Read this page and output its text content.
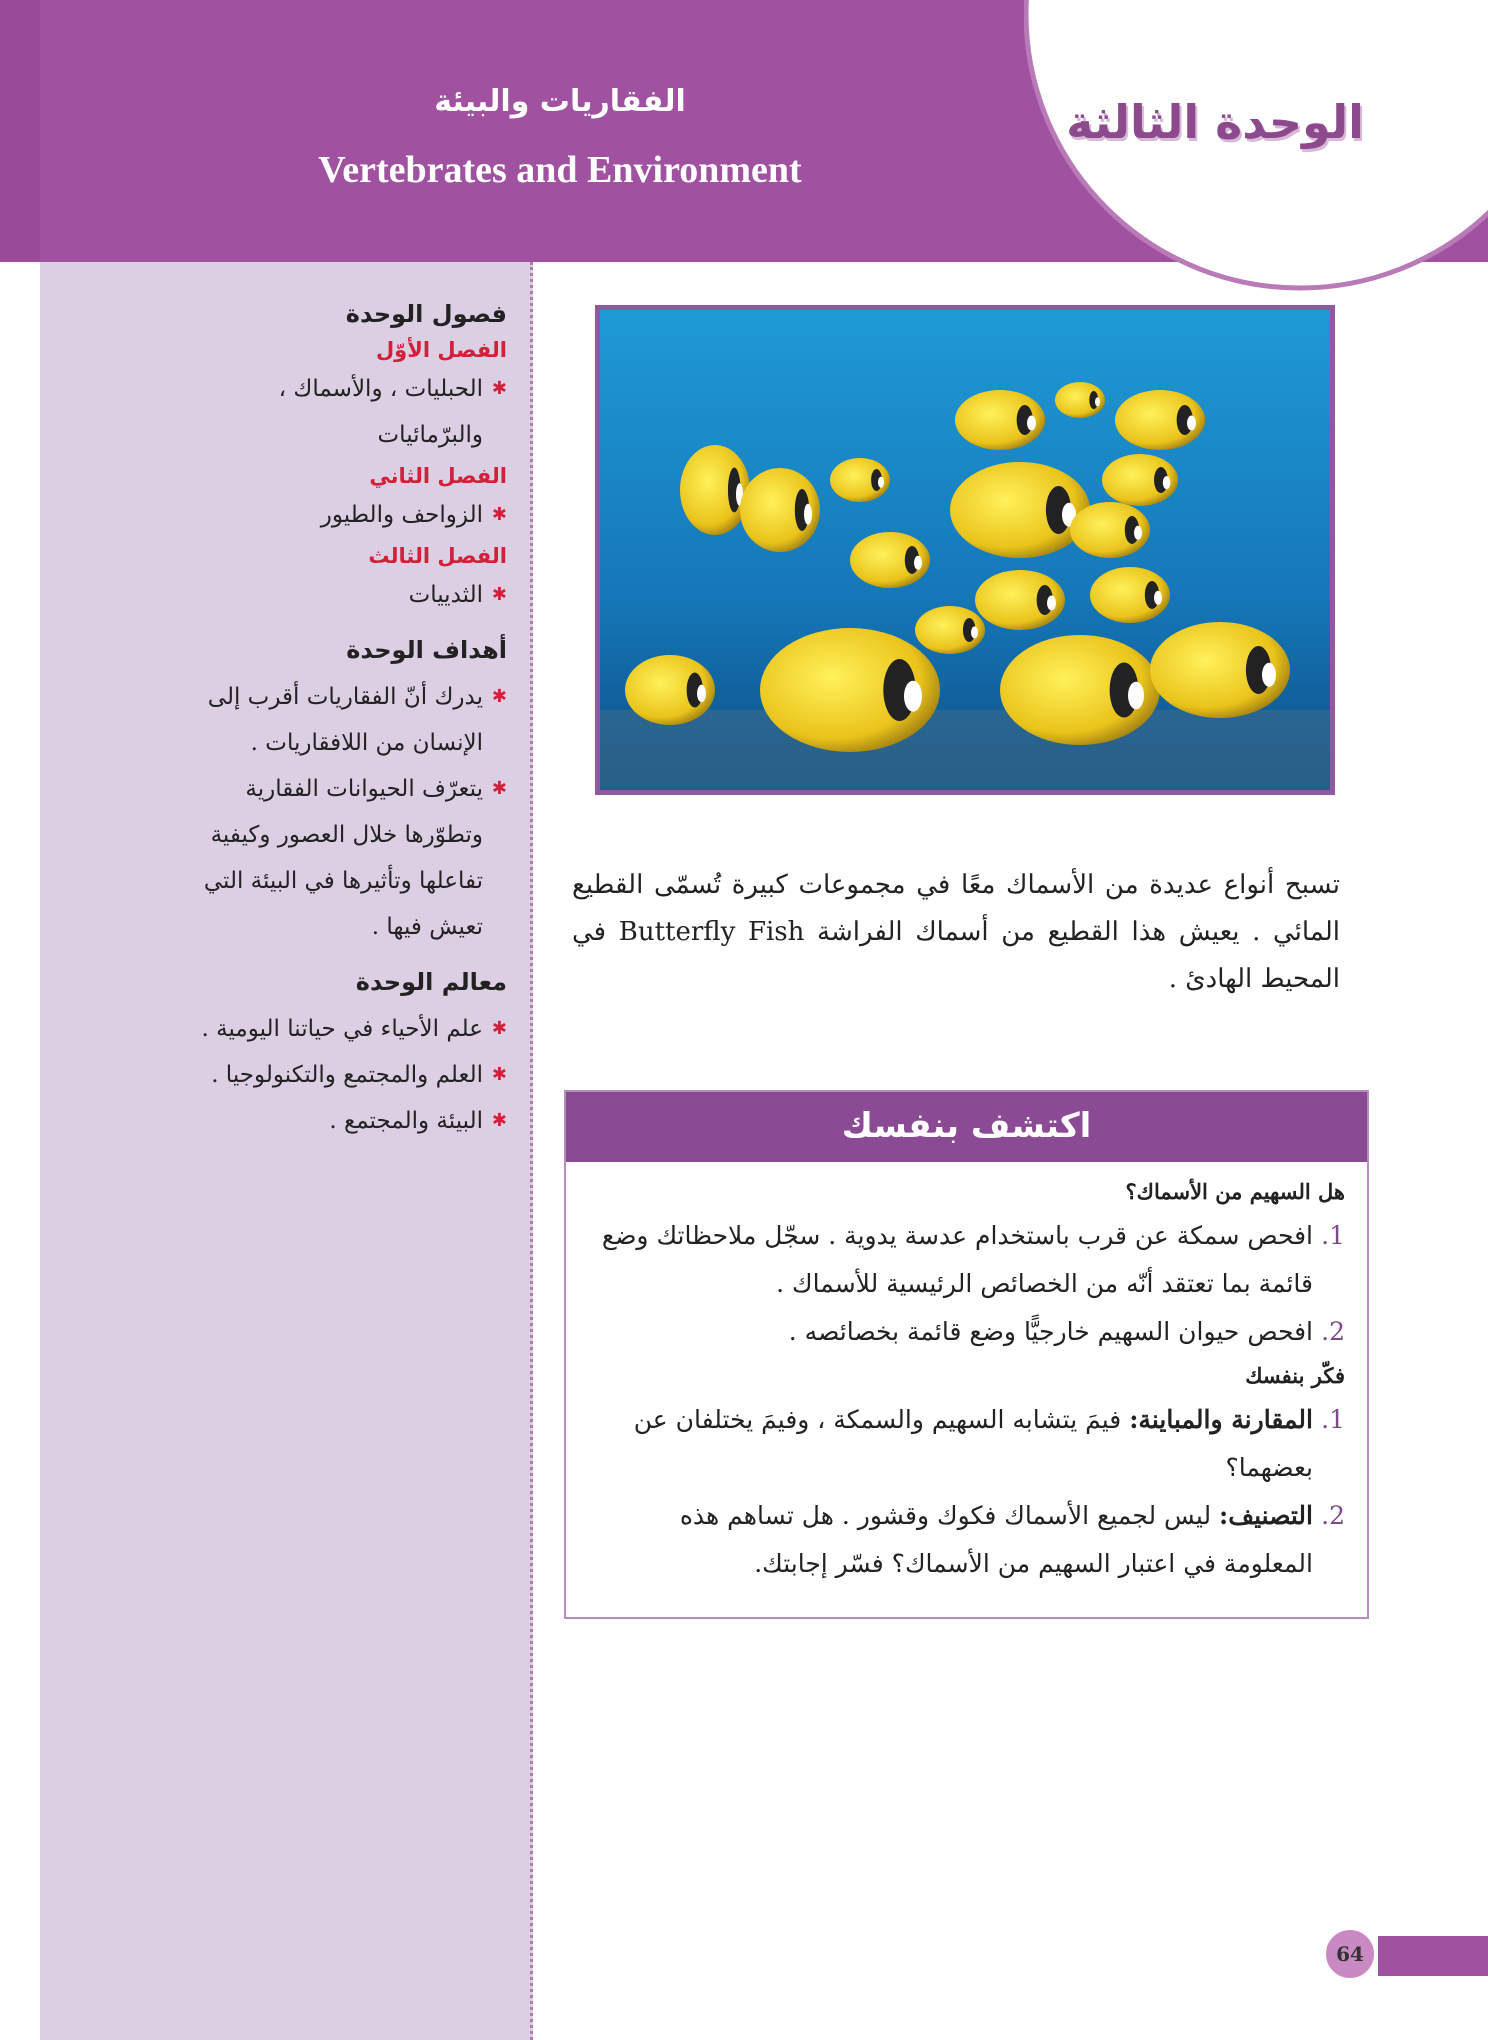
الوحدة الثالثة
الفقاريات والبيئة
Vertebrates and Environment
فصول الوحدة
الفصل الأوّل
✱
الحبليات ، والأسماك ، والبرّمائيات
الفصل الثاني
✱
الزواحف والطيور
الفصل الثالث
✱
الثدييات
أهداف الوحدة
✱
يدرك أنّ الفقاريات أقرب إلى الإنسان من اللافقاريات .
✱
يتعرّف الحيوانات الفقارية وتطوّرها خلال العصور وكيفية تفاعلها وتأثيرها في البيئة التي تعيش فيها .
معالم الوحدة
✱
علم الأحياء في حياتنا اليومية .
✱
العلم والمجتمع والتكنولوجيا .
✱
البيئة والمجتمع .
تسبح أنواع عديدة من الأسماك معًا في مجموعات كبيرة تُسمّى القطيع المائي . يعيش هذا القطيع من أسماك الفراشة Butterfly Fish في المحيط الهادئ .
اكتشف بنفسك
هل السهيم من الأسماك؟
1.
افحص سمكة عن قرب باستخدام عدسة يدوية . سجّل ملاحظاتك وضع قائمة بما تعتقد أنّه من الخصائص الرئيسية للأسماك .
2.
افحص حيوان السهيم خارجيًّا وضع قائمة بخصائصه .
فكّر بنفسك
1.
المقارنة والمباينة: فيمَ يتشابه السهيم والسمكة ، وفيمَ يختلفان عن بعضهما؟
2.
التصنيف: ليس لجميع الأسماك فكوك وقشور . هل تساهم هذه المعلومة في اعتبار السهيم من الأسماك؟ فسّر إجابتك.
64
